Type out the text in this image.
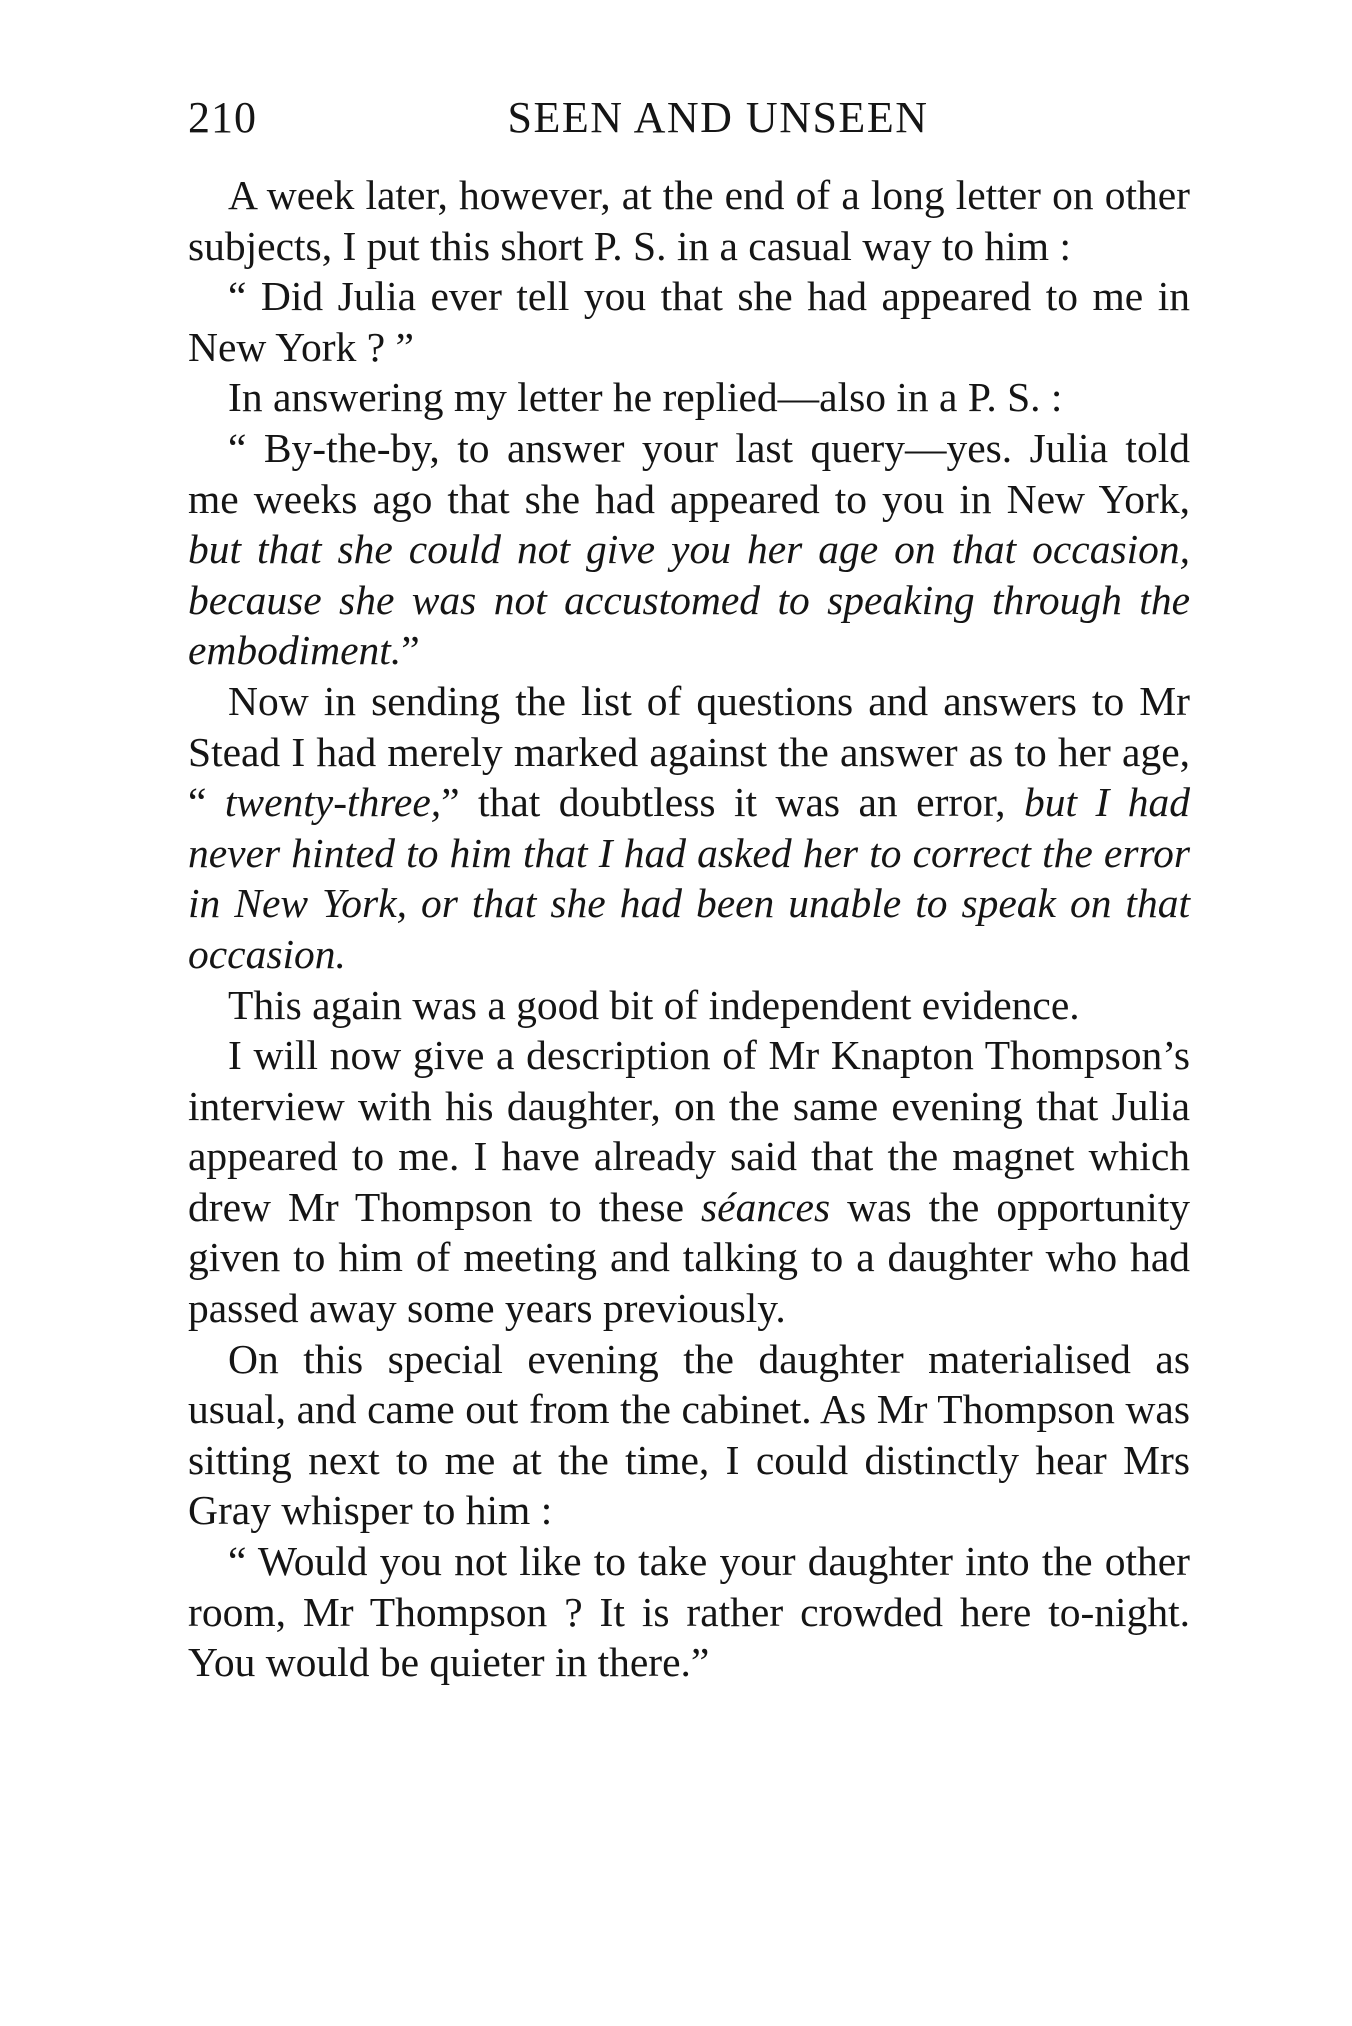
210	SEEN AND UNSEEN

A week later, however, at the end of a long letter on other subjects, I put this short P. S. in a casual way to him :

“ Did Julia ever tell you that she had appeared to me in New York ? ”

In answering my letter he replied—also in a P. S. :

“ By-the-by, to answer your last query—yes. Julia told me weeks ago that she had appeared to you in New York, but that she could not give you her age on that occasion, because she was not accustomed to speaking through the embodiment.”

Now in sending the list of questions and answers to Mr Stead I had merely marked against the answer as to her age, “ twenty-three,” that doubtless it was an error, but I had never hinted to him that I had asked her to correct the error in New York, or that she had been unable to speak on that occasion.

This again was a good bit of independent evidence.

I will now give a description of Mr Knapton Thompson’s interview with his daughter, on the same evening that Julia appeared to me. I have already said that the magnet which drew Mr Thompson to these séances was the opportunity given to him of meeting and talking to a daughter who had passed away some years previously.

On this special evening the daughter materialised as usual, and came out from the cabinet. As Mr Thompson was sitting next to me at the time, I could distinctly hear Mrs Gray whisper to him :

“ Would you not like to take your daughter into the other room, Mr Thompson ? It is rather crowded here to-night. You would be quieter in there.”
